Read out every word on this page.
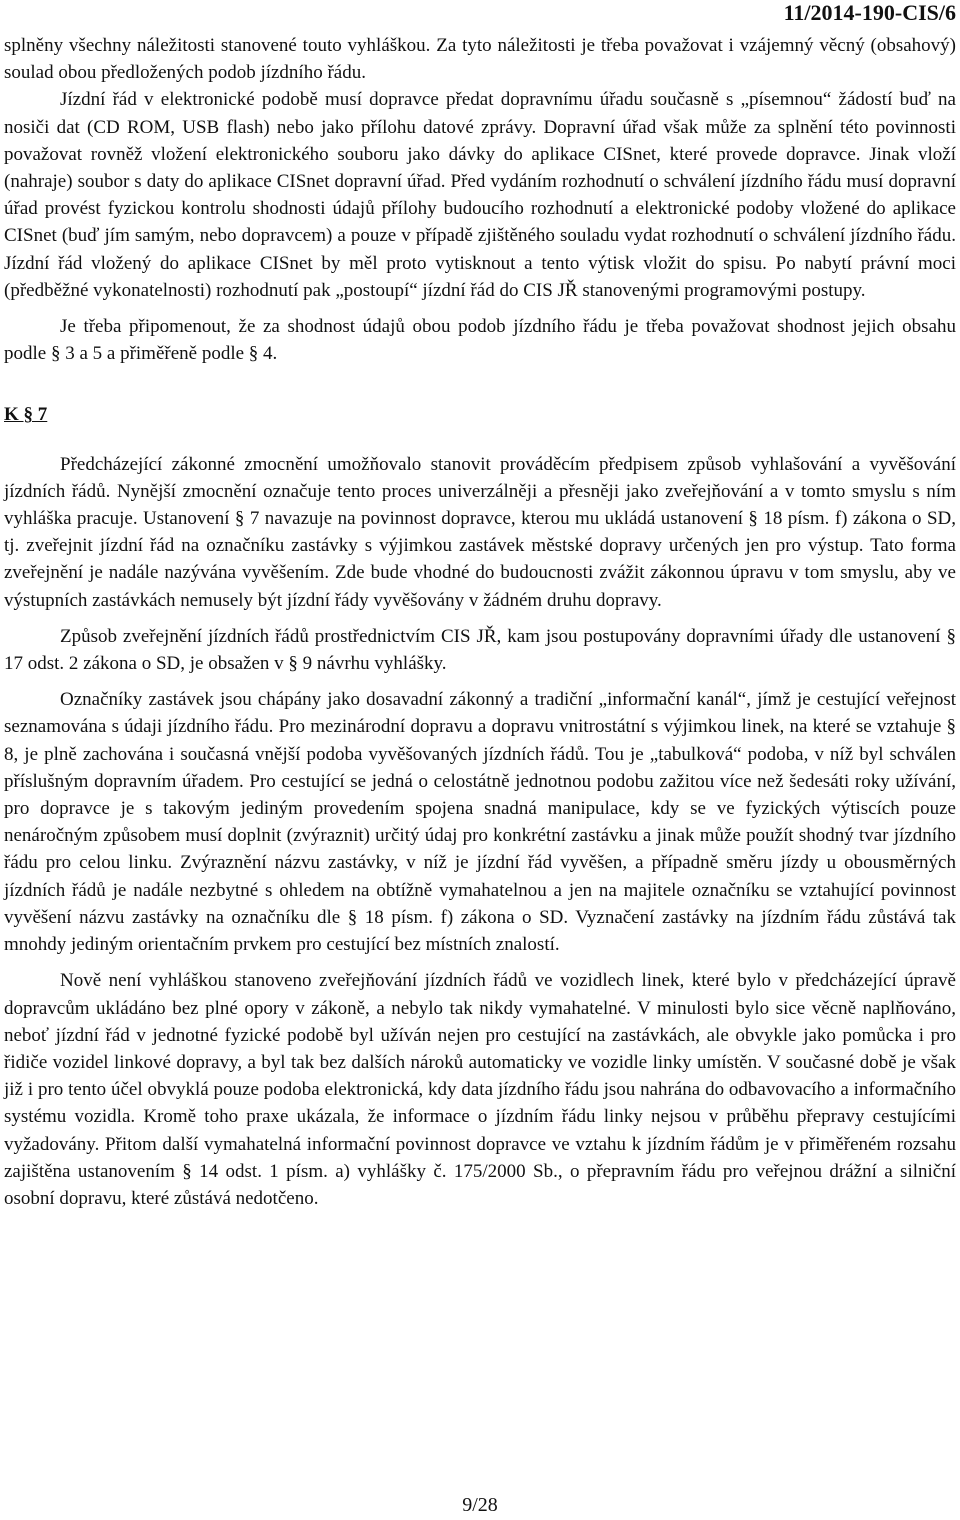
11/2014-190-CIS/6

splněny všechny náležitosti stanovené touto vyhláškou. Za tyto náležitosti je třeba považovat i vzájemný věcný (obsahový) soulad obou předložených podob jízdního řádu.

Jízdní řád v elektronické podobě musí dopravce předat dopravnímu úřadu současně s „písemnou“ žádostí buď na nosiči dat (CD ROM, USB flash) nebo jako přílohu datové zprávy. Dopravní úřad však může za splnění této povinnosti považovat rovněž vložení elektronického souboru jako dávky do aplikace CISnet, které provede dopravce. Jinak vloží (nahraje) soubor s daty do aplikace CISnet dopravní úřad. Před vydáním rozhodnutí o schválení jízdního řádu musí dopravní úřad provést fyzickou kontrolu shodnosti údajů přílohy budoucího rozhodnutí a elektronické podoby vložené do aplikace CISnet (buď jím samým, nebo dopravcem) a pouze v případě zjištěného souladu vydat rozhodnutí o schválení jízdního řádu. Jízdní řád vložený do aplikace CISnet by měl proto vytisknout a tento výtisk vložit do spisu. Po nabytí právní moci (předběžné vykonatelnosti) rozhodnutí pak „postoupí“ jízdní řád do CIS JŘ stanovenými programovými postupy.

Je třeba připomenout, že za shodnost údajů obou podob jízdního řádu je třeba považovat shodnost jejich obsahu podle § 3 a 5 a přiměřeně podle § 4.

K § 7

Předcházející zákonné zmocnění umožňovalo stanovit prováděcím předpisem způsob vyhlašování a vyvěšování jízdních řádů. Nynější zmocnění označuje tento proces univerzálněji a přesněji jako zveřejňování a v tomto smyslu s ním vyhláška pracuje. Ustanovení § 7 navazuje na povinnost dopravce, kterou mu ukládá ustanovení § 18 písm. f) zákona o SD, tj. zveřejnit jízdní řád na označníku zastávky s výjimkou zastávek městské dopravy určených jen pro výstup. Tato forma zveřejnění je nadále nazývána vyvěšením. Zde bude vhodné do budoucnosti zvážit zákonnou úpravu v tom smyslu, aby ve výstupních zastávkách nemusely být jízdní řády vyvěšovány v žádném druhu dopravy.

Způsob zveřejnění jízdních řádů prostřednictvím CIS JŘ, kam jsou postupovány dopravními úřady dle ustanovení § 17 odst. 2 zákona o SD, je obsažen v § 9 návrhu vyhlášky.

Označníky zastávek jsou chápány jako dosavadní zákonný a tradiční „informační kanál“, jímž je cestující veřejnost seznamována s údaji jízdního řádu. Pro mezinárodní dopravu a dopravu vnitrostátní s výjimkou linek, na které se vztahuje § 8, je plně zachována i současná vnější podoba vyvěšovaných jízdních řádů. Tou je „tabulková“ podoba, v níž byl schválen příslušným dopravním úřadem. Pro cestující se jedná o celostátně jednotnou podobu zažitou více než šedesáti roky užívání, pro dopravce je s takovým jediným provedením spojena snadná manipulace, kdy se ve fyzických výtiscích pouze nenáročným způsobem musí doplnit (zvýraznit) určitý údaj pro konkrétní zastávku a jinak může použít shodný tvar jízdního řádu pro celou linku. Zvýraznění názvu zastávky, v níž je jízdní řád vyvěšen, a případně směru jízdy u obousměrných jízdních řádů je nadále nezbytné s ohledem na obtížně vymahatelnou a jen na majitele označníku se vztahující povinnost vyvěšení názvu zastávky na označníku dle § 18 písm. f) zákona o SD. Vyznačení zastávky na jízdním řádu zůstává tak mnohdy jediným orientačním prvkem pro cestující bez místních znalostí.

Nově není vyhláškou stanoveno zveřejňování jízdních řádů ve vozidlech linek, které bylo v předcházející úpravě dopravcům ukládáno bez plné opory v zákoně, a nebylo tak nikdy vymahatelné. V minulosti bylo sice věcně naplňováno, neboť jízdní řád v jednotné fyzické podobě byl užíván nejen pro cestující na zastávkách, ale obvykle jako pomůcka i pro řidiče vozidel linkové dopravy, a byl tak bez dalších nároků automaticky ve vozidle linky umístěn. V současné době je však již i pro tento účel obvyklá pouze podoba elektronická, kdy data jízdního řádu jsou nahrána do odbavovacího a informačního systému vozidla. Kromě toho praxe ukázala, že informace o jízdním řádu linky nejsou v průběhu přepravy cestujícími vyžadovány. Přitom další vymahatelná informační povinnost dopravce ve vztahu k jízdním řádům je v přiměřeném rozsahu zajištěna ustanovením § 14 odst. 1 písm. a) vyhlášky č. 175/2000 Sb., o přepravním řádu pro veřejnou drážní a silniční osobní dopravu, které zůstává nedotčeno.

9/28
